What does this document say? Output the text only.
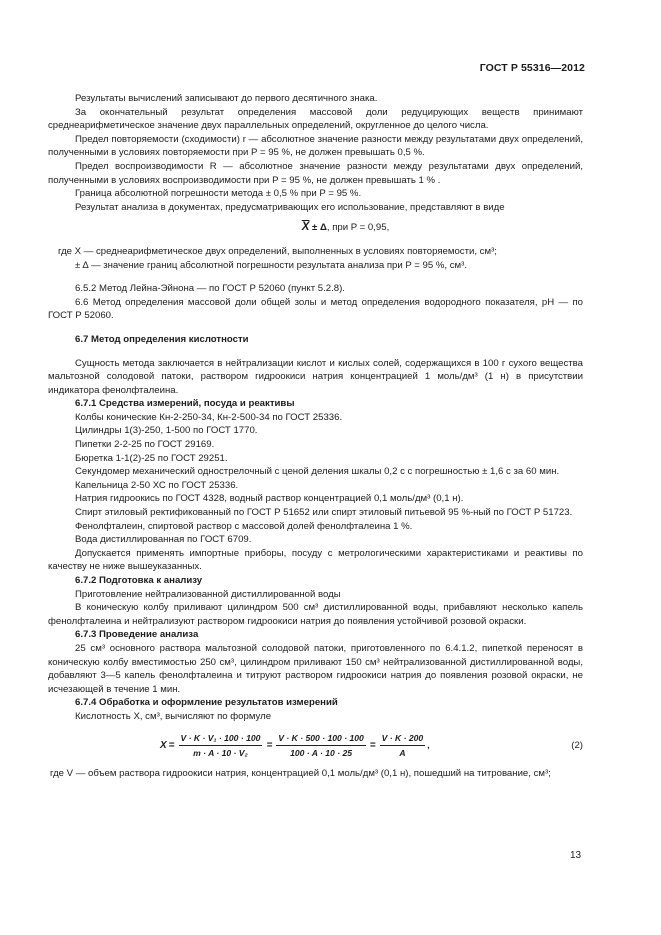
ГОСТ Р 55316—2012

Результаты вычислений записывают до первого десятичного знака.

За окончательный результат определения массовой доли редуцирующих веществ принимают среднеарифметическое значение двух параллельных определений, округленное до целого числа.

Предел повторяемости (сходимости) r — абсолютное значение разности между результатами двух определений, полученными в условиях повторяемости при P = 95 %, не должен превышать 0,5 %.

Предел воспроизводимости R — абсолютное значение разности между результатами двух определений, полученными в условиях воспроизводимости при P = 95 %, не должен превышать 1 % .

Граница абсолютной погрешности метода ± 0,5 % при P = 95 %.

Результат анализа в документах, предусматривающих его использование, представляют в виде

$\overline{X} \pm \Delta$, при P = 0,95,

где X — среднеарифметическое двух определений, выполненных в условиях повторяемости, см³;

± Δ — значение границ абсолютной погрешности результата анализа при P = 95 %, см³.

6.5.2 Метод Лейна-Эйнона — по ГОСТ Р 52060 (пункт 5.2.8).

6.6 Метод определения массовой доли общей золы и метод определения водородного показателя, рН — по ГОСТ Р 52060.

6.7 Метод определения кислотности

Сущность метода заключается в нейтрализации кислот и кислых солей, содержащихся в 100 г сухого вещества мальтозной солодовой патоки, раствором гидроокиси натрия концентрацией 1 моль/дм³ (1 н) в присутствии индикатора фенолфталеина.

6.7.1 Средства измерений, посуда и реактивы

Колбы конические Кн-2-250-34, Кн-2-500-34 по ГОСТ 25336.

Цилиндры 1(3)-250, 1-500 по ГОСТ 1770.

Пипетки 2-2-25 по ГОСТ 29169.

Бюретка 1-1(2)-25 по ГОСТ 29251.

Секундомер механический однострелочный с ценой деления шкалы 0,2 с с погрешностью ± 1,6 с за 60 мин.

Капельница 2-50 ХС по ГОСТ 25336.

Натрия гидроокись по ГОСТ 4328, водный раствор концентрацией 0,1 моль/дм³ (0,1 н).

Спирт этиловый ректификованный по ГОСТ Р 51652 или спирт этиловый питьевой 95 %-ный по ГОСТ Р 51723.

Фенолфталеин, спиртовой раствор с массовой долей фенолфталеина 1 %.

Вода дистиллированная по ГОСТ 6709.

Допускается применять импортные приборы, посуду с метрологическими характеристиками и реактивы по качеству не ниже вышеуказанных.

6.7.2 Подготовка к анализу

Приготовление нейтрализованной дистиллированной воды

В коническую колбу приливают цилиндром 500 см³ дистиллированной воды, прибавляют несколько капель фенолфталеина и нейтрализуют раствором гидроокиси натрия до появления устойчивой розовой окраски.

6.7.3 Проведение анализа

25 см³ основного раствора мальтозной солодовой патоки, приготовленного по 6.4.1.2, пипеткой переносят в коническую колбу вместимостью 250 см³, цилиндром приливают 150 см³ нейтрализованной дистиллированной воды, добавляют 3—5 капель фенолфталеина и титруют раствором гидроокиси натрия до появления розовой окраски, не исчезающей в течение 1 мин.

6.7.4 Обработка и оформление результатов измерений

Кислотность X, см³, вычисляют по формуле

$X = \frac{\text{V · K · V₁ · 100 · 100}}{\text{m · A · 10 · V₂}} = \frac{V \cdot K \cdot 500 \cdot 100 \cdot 100}{100 \cdot A \cdot 10 \cdot 25} = \frac{V \cdot K \cdot 200}{A}$ ,	(2)

где V — объем раствора гидроокиси натрия, концентрацией 0,1 моль/дм³ (0,1 н), пошедший на титрование, см³;

13
